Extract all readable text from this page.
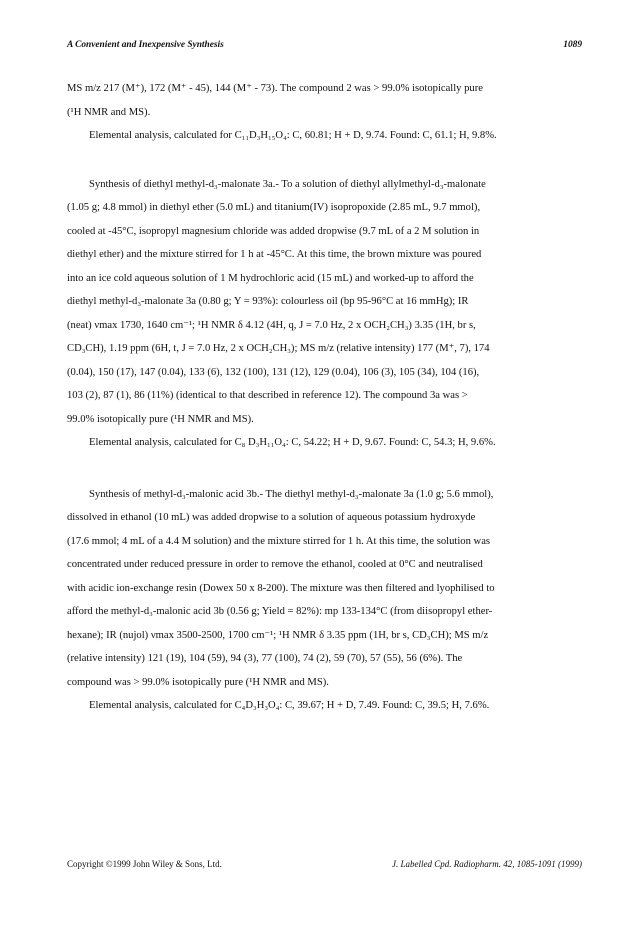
A Convenient and Inexpensive Synthesis	1089
MS m/z 217 (M⁺), 172 (M⁺ - 45), 144 (M⁺ - 73). The compound 2 was > 99.0% isotopically pure
(¹H NMR and MS).
Elemental analysis, calculated for C₁₁D₃H₁₅O₄: C, 60.81; H + D, 9.74. Found: C, 61.1; H, 9.8%.
Synthesis of diethyl methyl-d₃-malonate 3a.- To a solution of diethyl allylmethyl-d₃-malonate
(1.05 g; 4.8 mmol) in diethyl ether (5.0 mL) and titanium(IV) isopropoxide (2.85 mL, 9.7 mmol),
cooled at -45°C, isopropyl magnesium chloride was added dropwise (9.7 mL of a 2 M solution in
diethyl ether) and the mixture stirred for 1 h at -45°C. At this time, the brown mixture was poured
into an ice cold aqueous solution of 1 M hydrochloric acid (15 mL) and worked-up to afford the
diethyl methyl-d₃-malonate 3a (0.80 g; Y = 93%): colourless oil (bp 95-96°C at 16 mmHg); IR
(neat) νmax 1730, 1640 cm⁻¹; ¹H NMR δ 4.12 (4H, q, J = 7.0 Hz, 2 x OCH₂CH₃) 3.35 (1H, br s,
CD₃CH), 1.19 ppm (6H, t, J = 7.0 Hz, 2 x OCH₂CH₃); MS m/z (relative intensity) 177 (M⁺, 7), 174
(0.04), 150 (17), 147 (0.04), 133 (6), 132 (100), 131 (12), 129 (0.04), 106 (3), 105 (34), 104 (16),
103 (2), 87 (1), 86 (11%) (identical to that described in reference 12). The compound 3a was >
99.0% isotopically pure (¹H NMR and MS).
Elemental analysis, calculated for C₈ D₃H₁₁O₄: C, 54.22; H + D, 9.67. Found: C, 54.3; H, 9.6%.
Synthesis of methyl-d₃-malonic acid 3b.- The diethyl methyl-d₃-malonate 3a (1.0 g; 5.6 mmol),
dissolved in ethanol (10 mL) was added dropwise to a solution of aqueous potassium hydroxyde
(17.6 mmol; 4 mL of a 4.4 M solution) and the mixture stirred for 1 h. At this time, the solution was
concentrated under reduced pressure in order to remove the ethanol, cooled at 0°C and neutralised
with acidic ion-exchange resin (Dowex 50 x 8-200). The mixture was then filtered and lyophilised to
afford the methyl-d₃-malonic acid 3b (0.56 g; Yield = 82%): mp 133-134°C (from diisopropyl ether-
hexane); IR (nujol) νmax 3500-2500, 1700 cm⁻¹; ¹H NMR δ 3.35 ppm (1H, br s, CD₃CH); MS m/z
(relative intensity) 121 (19), 104 (59), 94 (3), 77 (100), 74 (2), 59 (70), 57 (55), 56 (6%). The
compound was > 99.0% isotopically pure (¹H NMR and MS).
Elemental analysis, calculated for C₄D₃H₃O₄: C, 39.67; H + D, 7.49. Found: C, 39.5; H, 7.6%.
Copyright ©1999 John Wiley & Sons, Ltd.	J. Labelled Cpd. Radiopharm. 42, 1085-1091 (1999)
